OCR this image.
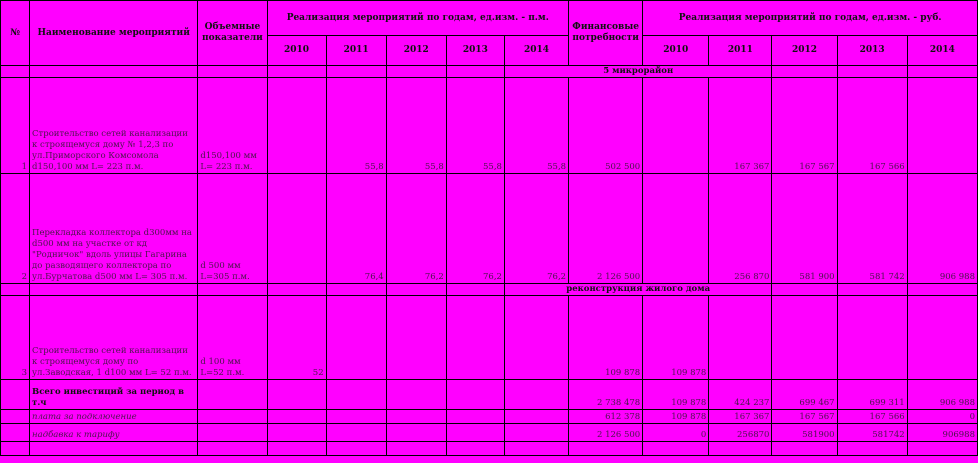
№	Наименование мероприятий	Объемные показатели	Реализация мероприятий по годам, ед.изм. - п.м.					Финансовые потребности	Реализация мероприятий по годам, ед.изм. - руб.				
			2010	2011	2012	2013	2014		2010	2011	2012	2013	2014
							5 микрорайон						
1	Строительство сетей канализации к строящемуся дому № 1,2,3 по ул.Приморского Комсомола d150,100 мм L= 223 п.м.	d150,100 мм L= 223 п.м.		55,8	55,8	55,8	55,8	502 500		167 367	167 567	167 566	
2	Перекладка коллектора d300мм на d500 мм на участке от кд "Родничок" вдоль улицы Гагарина до разводящего коллектора по ул.Бурчатова d500 мм L= 305 п.м.	d 500 мм L=305 п.м.		76,4	76,2	76,2	76,2	2 126 500		256 870	581 900	581 742	906 988
							реконструкция жилого дома						
3	Строительство сетей канализации к строящемуся дому по ул.Заводская, 1 d100 мм L= 52 п.м.	d 100 мм L=52 п.м.	52					109 878	109 878				
	Всего инвестиций за период в т.ч							2 738 478	109 878	424 237	699 467	699 311	906 988
	плата за подключение							612 378	109 878	167 367	167 567	167 566	0
	надбавка к тарифу							2 126 500	0	256870	581900	581742	906988
